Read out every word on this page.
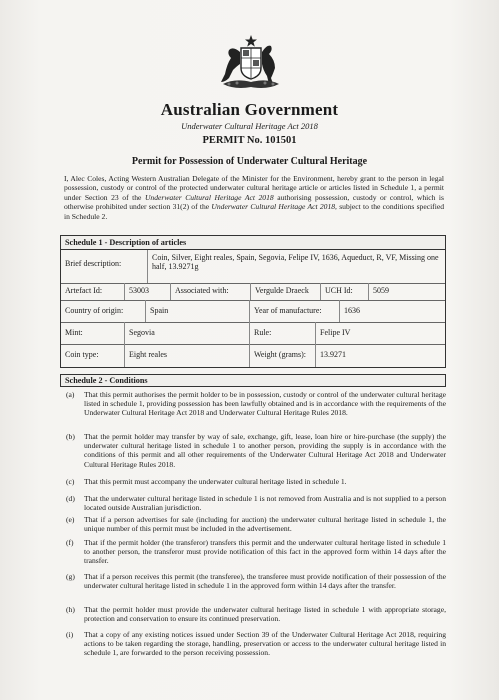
Australian Government
Underwater Cultural Heritage Act 2018
PERMIT No. 101501
Permit for Possession of Underwater Cultural Heritage
I, Alec Coles, Acting Western Australian Delegate of the Minister for the Environment, hereby grant to the person in legal possession, custody or control of the protected underwater cultural heritage article or articles listed in Schedule 1, a permit under Section 23 of the Underwater Cultural Heritage Act 2018 authorising possession, custody or control, which is otherwise prohibited under section 31(2) of the Underwater Cultural Heritage Act 2018, subject to the conditions specified in Schedule 2.
Schedule 1 - Description of articles
Brief description:
Coin, Silver, Eight reales, Spain, Segovia, Felipe IV, 1636, Aqueduct, R, VF, Missing one half, 13.9271g
Artefact Id:	53003	Associated with:	Vergulde Draeck	UCH Id:	5059
Country of origin:	Spain	Year of manufacture:	1636
Mint:	Segovia	Rule:	Felipe IV
Coin type:	Eight reales	Weight (grams):	13.9271
Schedule 2 - Conditions
(a) That this permit authorises the permit holder to be in possession, custody or control of the underwater cultural heritage listed in schedule 1, providing possession has been lawfully obtained and is in accordance with the requirements of the Underwater Cultural Heritage Act 2018 and Underwater Cultural Heritage Rules 2018.
(b) That the permit holder may transfer by way of sale, exchange, gift, lease, loan hire or hire-purchase (the supply) the underwater cultural heritage listed in schedule 1 to another person, providing the supply is in accordance with the conditions of this permit and all other requirements of the Underwater Cultural Heritage Act 2018 and Underwater Cultural Heritage Rules 2018.
(c) That this permit must accompany the underwater cultural heritage listed in schedule 1.
(d) That the underwater cultural heritage listed in schedule 1 is not removed from Australia and is not supplied to a person located outside Australian jurisdiction.
(e) That if a person advertises for sale (including for auction) the underwater cultural heritage listed in schedule 1, the unique number of this permit must be included in the advertisement.
(f) That if the permit holder (the transferor) transfers this permit and the underwater cultural heritage listed in schedule 1 to another person, the transferor must provide notification of this fact in the approved form within 14 days after the transfer.
(g) That if a person receives this permit (the transferee), the transferee must provide notification of their possession of the underwater cultural heritage listed in schedule 1 in the approved form within 14 days after the transfer.
(h) That the permit holder must provide the underwater cultural heritage listed in schedule 1 with appropriate storage, protection and conservation to ensure its continued preservation.
(i) That a copy of any existing notices issued under Section 39 of the Underwater Cultural Heritage Act 2018, requiring actions to be taken regarding the storage, handling, preservation or access to the underwater cultural heritage listed in schedule 1, are forwarded to the person receiving possession.
